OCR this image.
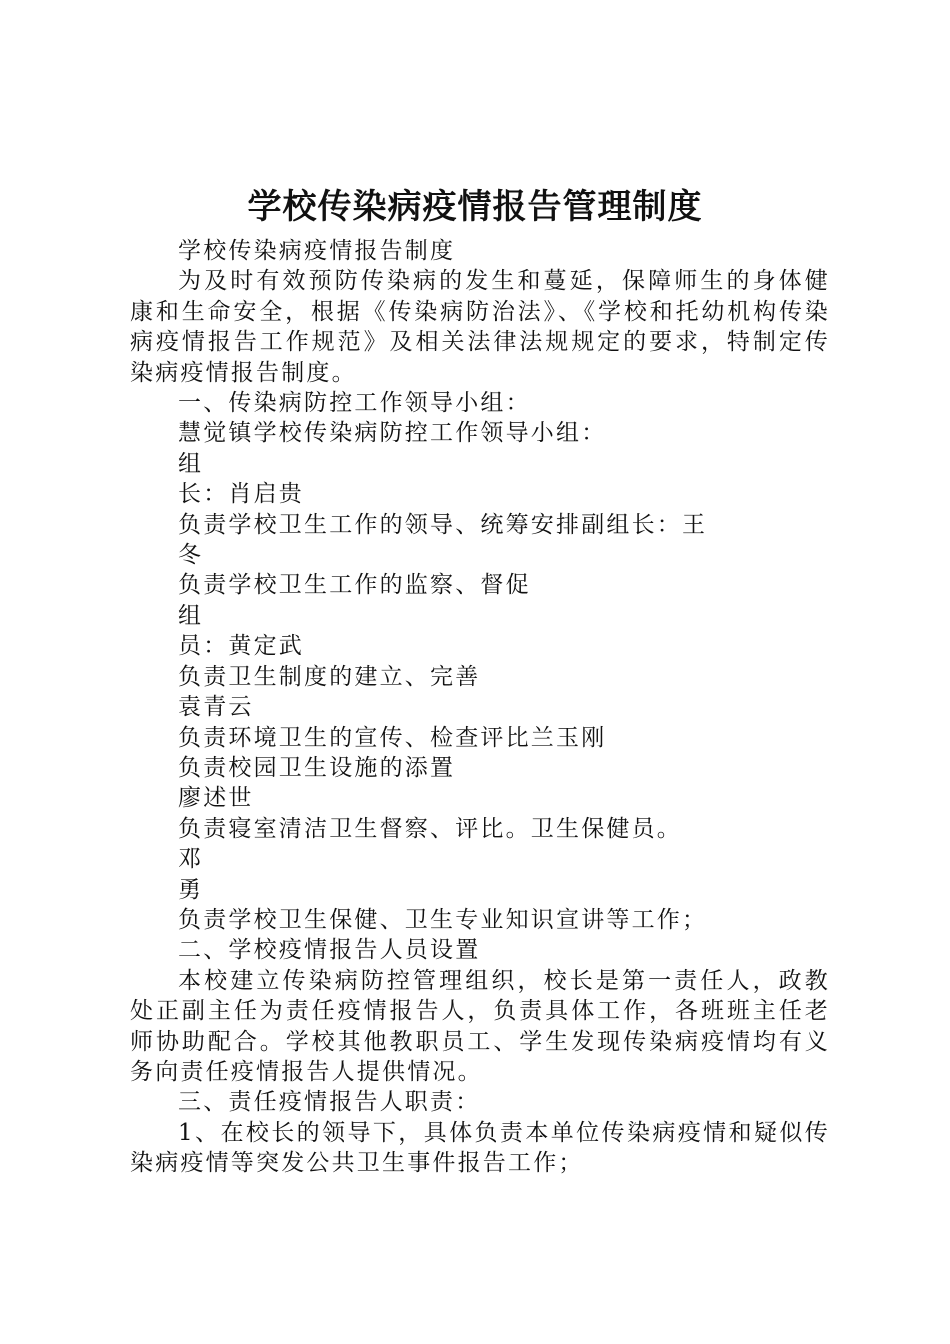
学校传染病疫情报告管理制度

学校传染病疫情报告制度

为及时有效预防传染病的发生和蔓延，保障师生的身体健康和生命安全，根据《传染病防治法》、《学校和托幼机构传染病疫情报告工作规范》及相关法律法规规定的要求，特制定传染病疫情报告制度。

一、传染病防控工作领导小组：

慧觉镇学校传染病防控工作领导小组：

组

长：肖启贵

负责学校卫生工作的领导、统筹安排副组长：王

冬

负责学校卫生工作的监察、督促

组

员：黄定武

负责卫生制度的建立、完善

袁青云

负责环境卫生的宣传、检查评比兰玉刚

负责校园卫生设施的添置

廖述世

负责寝室清洁卫生督察、评比。卫生保健员。

邓

勇

负责学校卫生保健、卫生专业知识宣讲等工作；

二、学校疫情报告人员设置

本校建立传染病防控管理组织，校长是第一责任人，政教处正副主任为责任疫情报告人，负责具体工作，各班班主任老师协助配合。学校其他教职员工、学生发现传染病疫情均有义务向责任疫情报告人提供情况。

三、责任疫情报告人职责：

1、在校长的领导下，具体负责本单位传染病疫情和疑似传染病疫情等突发公共卫生事件报告工作；
